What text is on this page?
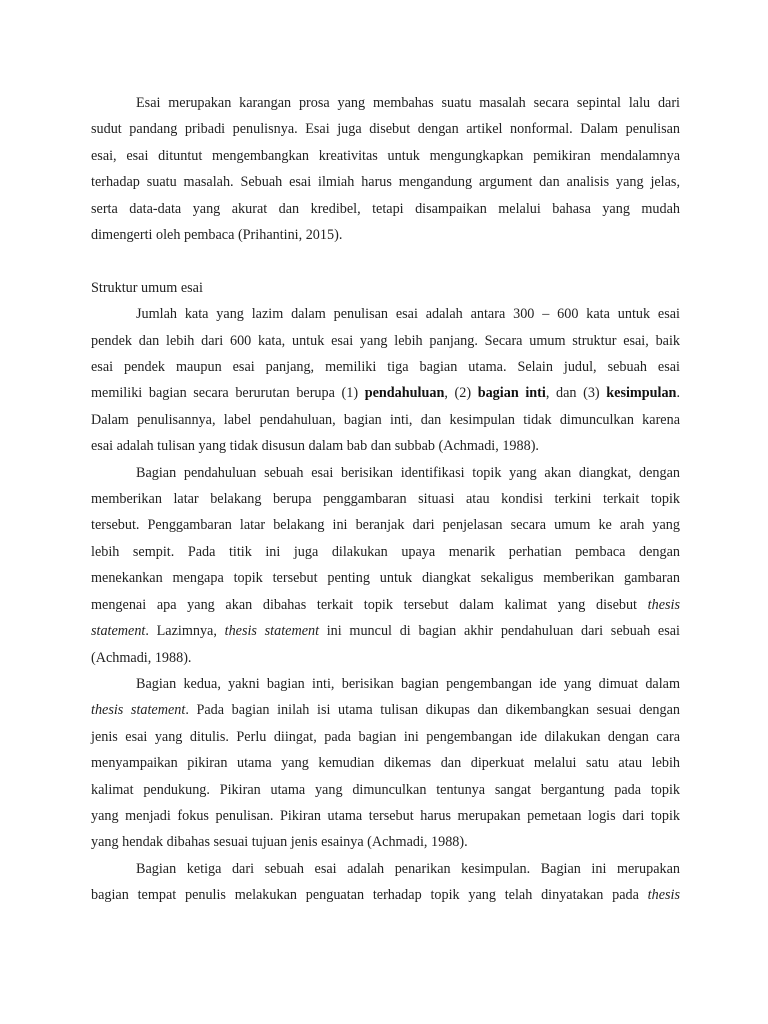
Esai merupakan karangan prosa yang membahas suatu masalah secara sepintal lalu dari
sudut pandang pribadi penulisnya. Esai juga disebut dengan artikel nonformal. Dalam penulisan
esai, esai dituntut mengembangkan kreativitas untuk mengungkapkan pemikiran mendalamnya
terhadap suatu masalah. Sebuah esai ilmiah harus mengandung argument dan analisis yang jelas,
serta data-data yang akurat dan kredibel, tetapi disampaikan melalui bahasa yang mudah
dimengerti oleh pembaca (Prihantini, 2015).
Struktur umum esai
Jumlah kata yang lazim dalam penulisan esai adalah antara 300 – 600 kata untuk esai
pendek dan lebih dari 600 kata, untuk esai yang lebih panjang. Secara umum struktur esai, baik
esai pendek maupun esai panjang, memiliki tiga bagian utama. Selain judul, sebuah esai
memiliki bagian secara berurutan berupa (1) pendahuluan, (2) bagian inti, dan (3) kesimpulan.
Dalam penulisannya, label pendahuluan, bagian inti, dan kesimpulan tidak dimunculkan karena
esai adalah tulisan yang tidak disusun dalam bab dan subbab (Achmadi, 1988).
Bagian pendahuluan sebuah esai berisikan identifikasi topik yang akan diangkat, dengan
memberikan latar belakang berupa penggambaran situasi atau kondisi terkini terkait topik
tersebut. Penggambaran latar belakang ini beranjak dari penjelasan secara umum ke arah yang
lebih sempit. Pada titik ini juga dilakukan upaya menarik perhatian pembaca dengan
menekankan mengapa topik tersebut penting untuk diangkat sekaligus memberikan gambaran
mengenai apa yang akan dibahas terkait topik tersebut dalam kalimat yang disebut thesis
statement. Lazimnya, thesis statement ini muncul di bagian akhir pendahuluan dari sebuah esai
(Achmadi, 1988).
Bagian kedua, yakni bagian inti, berisikan bagian pengembangan ide yang dimuat dalam
thesis statement. Pada bagian inilah isi utama tulisan dikupas dan dikembangkan sesuai dengan
jenis esai yang ditulis. Perlu diingat, pada bagian ini pengembangan ide dilakukan dengan cara
menyampaikan pikiran utama yang kemudian dikemas dan diperkuat melalui satu atau lebih
kalimat pendukung. Pikiran utama yang dimunculkan tentunya sangat bergantung pada topik
yang menjadi fokus penulisan. Pikiran utama tersebut harus merupakan pemetaan logis dari topik
yang hendak dibahas sesuai tujuan jenis esainya (Achmadi, 1988).
Bagian ketiga dari sebuah esai adalah penarikan kesimpulan. Bagian ini merupakan
bagian tempat penulis melakukan penguatan terhadap topik yang telah dinyatakan pada thesis
